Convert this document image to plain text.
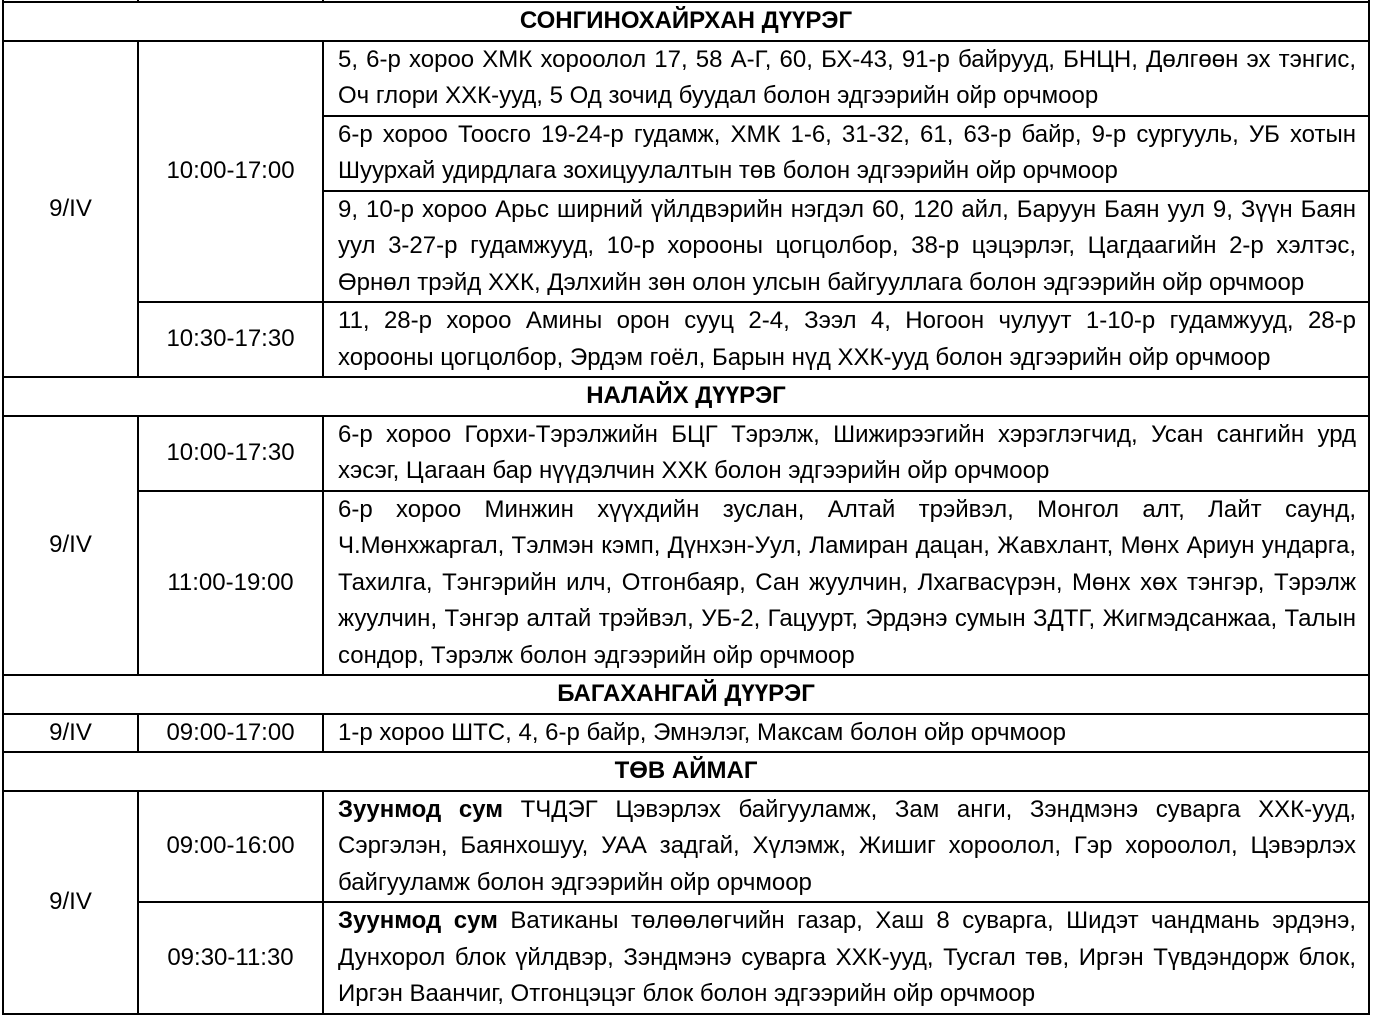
СОНГИНОХАЙРХАН ДҮҮРЭГ		
9/IV	10:00-17:00	5, 6-р хороо ХМК хороолол 17, 58 А-Г, 60, БХ-43, 91-р байрууд, БНЦН, Дөлгөөн эх тэнгис, Оч глори ХХК-ууд, 5 Од зочид буудал болон эдгээрийн ойр орчмоор
		6-р хороо Тоосго 19-24-р гудамж, ХМК 1-6, 31-32, 61, 63-р байр, 9-р сургууль, УБ хотын Шуурхай удирдлага зохицуулалтын төв болон эдгээрийн ойр орчмоор
		9, 10-р хороо Арьс ширний үйлдвэрийн нэгдэл 60, 120 айл, Баруун Баян уул 9, Зүүн Баян уул 3-27-р гудамжууд, 10-р хорооны цогцолбор, 38-р цэцэрлэг, Цагдаагийн 2-р хэлтэс, Өрнөл трэйд ХХК, Дэлхийн зөн олон улсын байгууллага болон эдгээрийн ойр орчмоор
	10:30-17:30	11, 28-р хороо Амины орон сууц 2-4, Зээл 4, Ногоон чулуут 1-10-р гудамжууд, 28-р хорооны цогцолбор, Эрдэм гоёл, Барын нүд ХХК-ууд болон эдгээрийн ойр орчмоор
НАЛАЙХ ДҮҮРЭГ		
9/IV	10:00-17:30	6-р хороо Горхи-Тэрэлжийн БЦГ Тэрэлж, Шижирээгийн хэрэглэгчид, Усан сангийн урд хэсэг, Цагаан бар нүүдэлчин ХХК болон эдгээрийн ойр орчмоор
	11:00-19:00	6-р хороо Минжин хүүхдийн зуслан, Алтай трэйвэл, Монгол алт, Лайт саунд, Ч.Мөнхжаргал, Тэлмэн кэмп, Дүнхэн-Уул, Ламиран дацан, Жавхлант, Мөнх Ариун ундарга, Тахилга, Тэнгэрийн илч, Отгонбаяр, Сан жуулчин, Лхагвасүрэн, Мөнх хөх тэнгэр, Тэрэлж жуулчин, Тэнгэр алтай трэйвэл, УБ-2, Гацуурт, Эрдэнэ сумын ЗДТГ, Жигмэдсанжаа, Талын сондор, Тэрэлж болон эдгээрийн ойр орчмоор
БАГАХАНГАЙ ДҮҮРЭГ		
9/IV	09:00-17:00	1-р хороо ШТС, 4, 6-р байр, Эмнэлэг, Максам болон ойр орчмоор
ТӨВ АЙМАГ		
9/IV	09:00-16:00	Зуунмод сум ТЧДЭГ Цэвэрлэх байгууламж, Зам анги, Зэндмэнэ суварга ХХК-ууд, Сэргэлэн, Баянхошуу, УАА задгай, Хүлэмж, Жишиг хороолол, Гэр хороолол, Цэвэрлэх байгууламж болон эдгээрийн ойр орчмоор
	09:30-11:30	Зуунмод сум Ватиканы төлөөлөгчийн газар, Хаш 8 суварга, Шидэт чандмань эрдэнэ, Дунхорол блок үйлдвэр, Зэндмэнэ суварга ХХК-ууд, Тусгал төв, Иргэн Түвдэндорж блок, Иргэн Ваанчиг, Отгонцэцэг блок болон эдгээрийн ойр орчмоор
